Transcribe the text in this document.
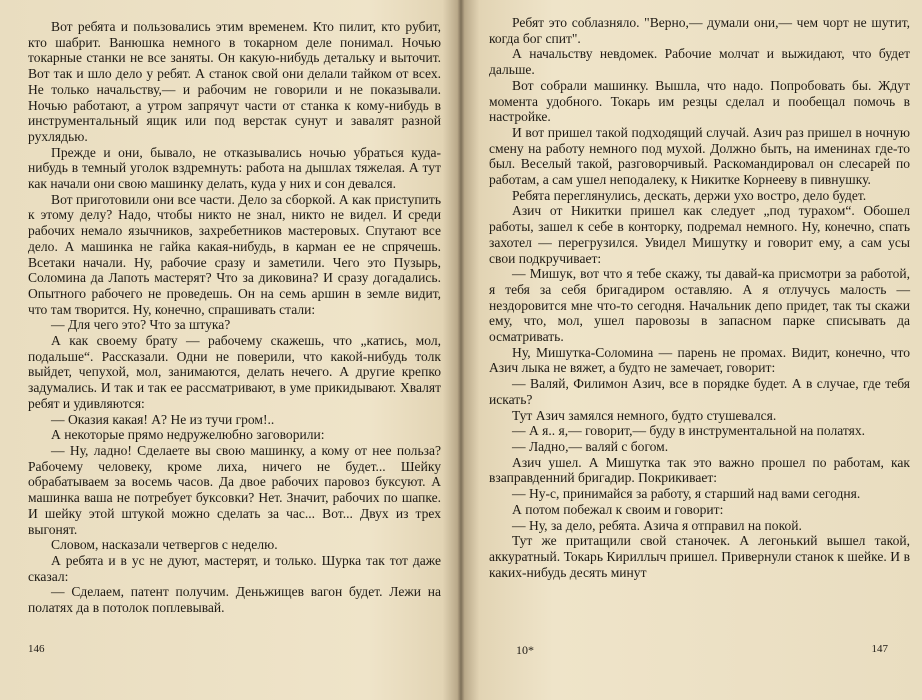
Вот ребята и пользовались этим временем. Кто пилит, кто рубит, кто шабрит. Ванюшка немного в токарном деле понимал. Ночью токарные станки не все заняты. Он какую-нибудь детальку и выточит. Вот так и шло дело у ребят. А станок свой они делали тайком от всех. Не только начальству,— и рабочим не говорили и не показывали. Ночью работают, а утром запрячут части от станка к кому-нибудь в инструментальный ящик или под верстак сунут и завалят разной рухлядью.

Прежде и они, бывало, не отказывались ночью убраться куда-нибудь в темный уголок вздремнуть: работа на дышлах тяжелая. А тут как начали они свою машинку делать, куда у них и сон девался.

Вот приготовили они все части. Дело за сборкой. А как приступить к этому делу? Надо, чтобы никто не знал, никто не видел. И среди рабочих немало язычников, захребетников мастеровых. Спутают все дело. А машинка не гайка какая-нибудь, в карман ее не спрячешь. Всетаки начали. Ну, рабочие сразу и заметили. Чего это Пузырь, Соломина да Лапоть мастерят? Что за диковина? И сразу догадались. Опытного рабочего не проведешь. Он на семь аршин в земле видит, что там творится. Ну, конечно, спрашивать стали:

— Для чего это? Что за штука?

А как своему брату — рабочему скажешь, что „катись, мол, подальше“. Рассказали. Одни не поверили, что какой-нибудь толк выйдет, чепухой, мол, занимаются, делать нечего. А другие крепко задумались. И так и так ее рассматривают, в уме прикидывают. Хвалят ребят и удивляются:

— Оказия какая! А? Не из тучи гром!..

А некоторые прямо недружелюбно заговорили:

— Ну, ладно! Сделаете вы свою машинку, а кому от нее польза? Рабочему человеку, кроме лиха, ничего не будет... Шейку обрабатываем за восемь часов. Да двое рабочих паровоз буксуют. А машинка ваша не потребует буксовки? Нет. Значит, рабочих по шапке. И шейку этой штукой можно сделать за час... Вот... Двух из трех выгонят.

Словом, насказали четвергов с неделю.

А ребята и в ус не дуют, мастерят, и только. Шурка так тот даже сказал:

— Сделаем, патент получим. Деньжищев вагон будет. Лежи на полатях да в потолок поплевывай.

146

Ребят это соблазняло. "Верно,— думали они,— чем чорт не шутит, когда бог спит".

А начальству невдомек. Рабочие молчат и выжидают, что будет дальше.

Вот собрали машинку. Вышла, что надо. Попробовать бы. Ждут момента удобного. Токарь им резцы сделал и пообещал помочь в настройке.

И вот пришел такой подходящий случай. Азич раз пришел в ночную смену на работу немного под мухой. Должно быть, на именинах где-то был. Веселый такой, разговорчивый. Раскомандировал он слесарей по работам, а сам ушел неподалеку, к Никитке Корнееву в пивнушку.

Ребята переглянулись, дескать, держи ухо востро, дело будет.

Азич от Никитки пришел как следует „под турахом“. Обошел работы, зашел к себе в конторку, подремал немного. Ну, конечно, спать захотел — перегрузился. Увидел Мишутку и говорит ему, а сам усы свои подкручивает:

— Мишук, вот что я тебе скажу, ты давай-ка присмотри за работой, я тебя за себя бригадиром оставляю. А я отлучусь малость — нездоровится мне что-то сегодня. Начальник депо придет, так ты скажи ему, что, мол, ушел паровозы в запасном парке списывать да осматривать.

Ну, Мишутка-Соломина — парень не промах. Видит, конечно, что Азич лыка не вяжет, а будто не замечает, говорит:

— Валяй, Филимон Азич, все в порядке будет. А в случае, где тебя искать?

Тут Азич замялся немного, будто стушевался.

— А я.. я,— говорит,— буду в инструментальной на полатях.

— Ладно,— валяй с богом.

Азич ушел. А Мишутка так это важно прошел по работам, как взаправденний бригадир. Покрикивает:

— Ну-с, принимайся за работу, я старший над вами сегодня.

А потом побежал к своим и говорит:

— Ну, за дело, ребята. Азича я отправил на покой.

Тут же притащили свой станочек. А легонький вышел такой, аккуратный. Токарь Кириллыч пришел. Привернули станок к шейке. И в каких-нибудь десять минут

10*	147
